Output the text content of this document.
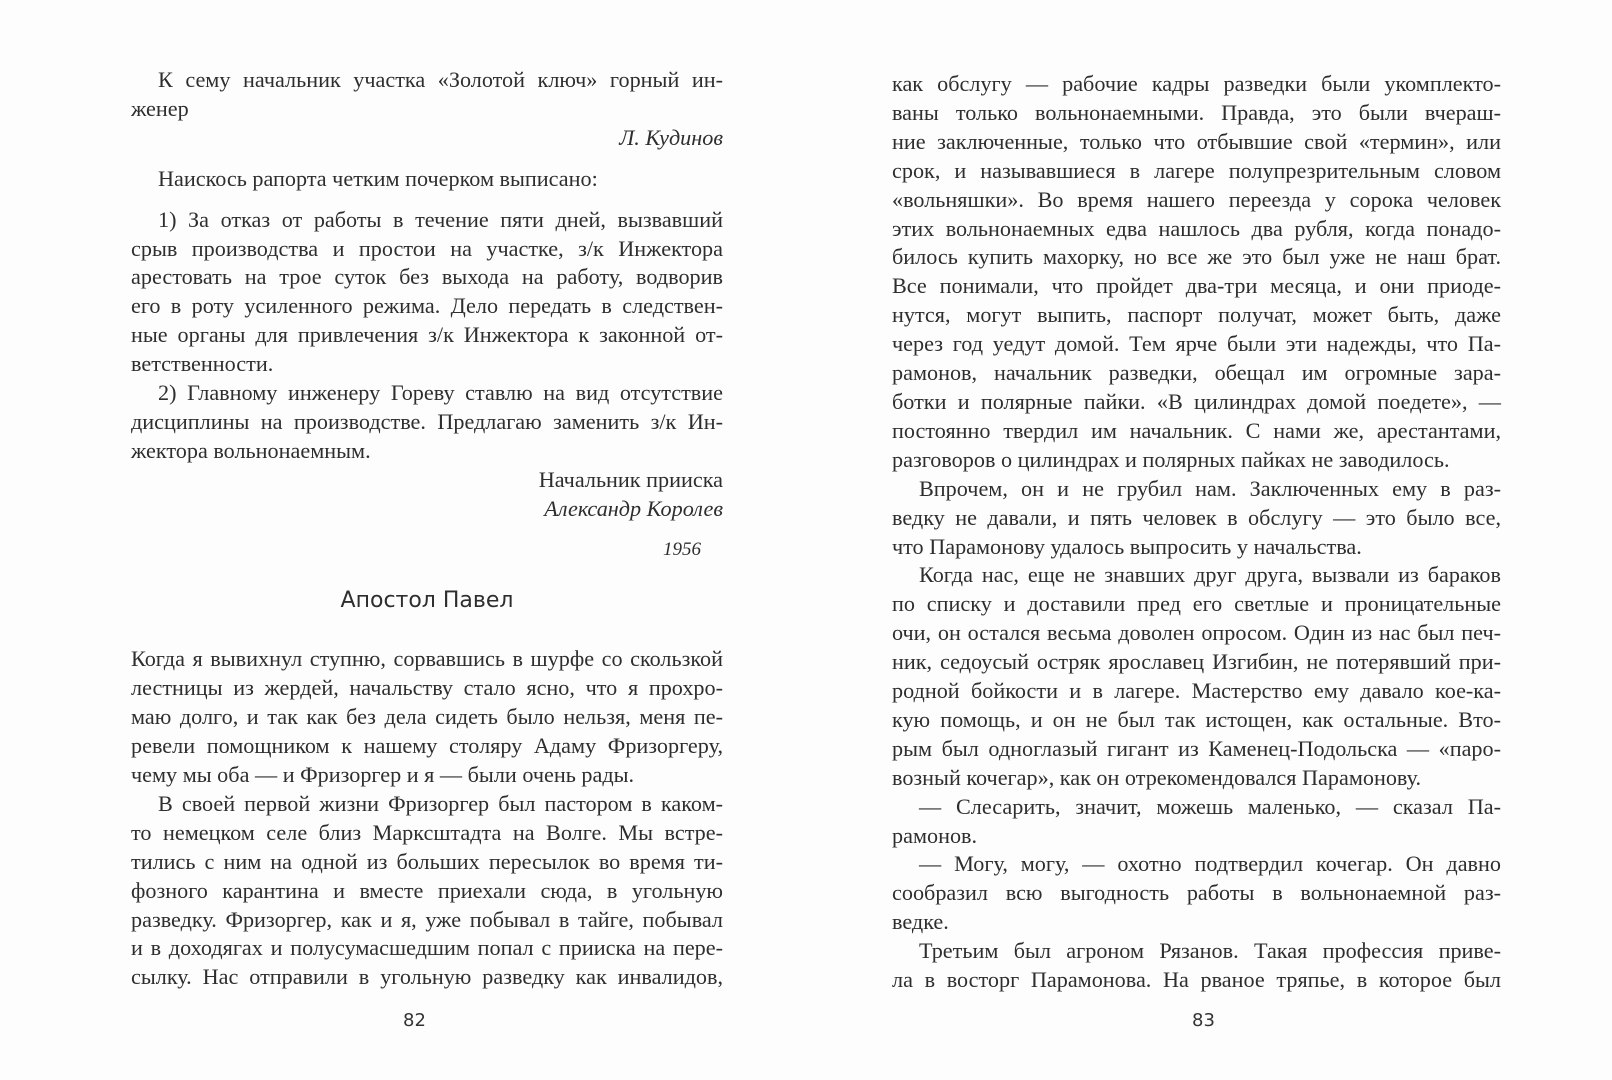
К сему начальник участка «Золотой ключ» горный ин-
женер
Л. Кудинов
Наискось рапорта четким почерком выписано:
1) За отказ от работы в течение пяти дней, вызвавший
срыв производства и простои на участке, з/к Инжектора
арестовать на трое суток без выхода на работу, водворив
его в роту усиленного режима. Дело передать в следствен-
ные органы для привлечения з/к Инжектора к законной от-
ветственности.
2) Главному инженеру Гореву ставлю на вид отсутствие
дисциплины на производстве. Предлагаю заменить з/к Ин-
жектора вольнонаемным.
Начальник прииска
Александр Королев
1956
Апостол Павел
Когда я вывихнул ступню, сорвавшись в шурфе со скользкой
лестницы из жердей, начальству стало ясно, что я прохро-
маю долго, и так как без дела сидеть было нельзя, меня пе-
ревели помощником к нашему столяру Адаму Фризоргеру,
чему мы оба — и Фризоргер и я — были очень рады.
В своей первой жизни Фризоргер был пастором в каком-
то немецком селе близ Марксштадта на Волге. Мы встре-
тились с ним на одной из больших пересылок во время ти-
фозного карантина и вместе приехали сюда, в угольную
разведку. Фризоргер, как и я, уже побывал в тайге, побывал
и в доходягах и полусумасшедшим попал с прииска на пере-
сылку. Нас отправили в угольную разведку как инвалидов,
82
как обслугу — рабочие кадры разведки были укомплекто-
ваны только вольнонаемными. Правда, это были вчераш-
ние заключенные, только что отбывшие свой «термин», или
срок, и называвшиеся в лагере полупрезрительным словом
«вольняшки». Во время нашего переезда у сорока человек
этих вольнонаемных едва нашлось два рубля, когда понадо-
билось купить махорку, но все же это был уже не наш брат.
Все понимали, что пройдет два-три месяца, и они приоде-
нутся, могут выпить, паспорт получат, может быть, даже
через год уедут домой. Тем ярче были эти надежды, что Па-
рамонов, начальник разведки, обещал им огромные зара-
ботки и полярные пайки. «В цилиндрах домой поедете», —
постоянно твердил им начальник. С нами же, арестантами,
разговоров о цилиндрах и полярных пайках не заводилось.
Впрочем, он и не грубил нам. Заключенных ему в раз-
ведку не давали, и пять человек в обслугу — это было все,
что Парамонову удалось выпросить у начальства.
Когда нас, еще не знавших друг друга, вызвали из бараков
по списку и доставили пред его светлые и проницательные
очи, он остался весьма доволен опросом. Один из нас был печ-
ник, седоусый остряк ярославец Изгибин, не потерявший при-
родной бойкости и в лагере. Мастерство ему давало кое-ка-
кую помощь, и он не был так истощен, как остальные. Вто-
рым был одноглазый гигант из Каменец-Подольска — «паро-
возный кочегар», как он отрекомендовался Парамонову.
— Слесарить, значит, можешь маленько, — сказал Па-
рамонов.
— Могу, могу, — охотно подтвердил кочегар. Он давно
сообразил всю выгодность работы в вольнонаемной раз-
ведке.
Третьим был агроном Рязанов. Такая профессия приве-
ла в восторг Парамонова. На рваное тряпье, в которое был
83
